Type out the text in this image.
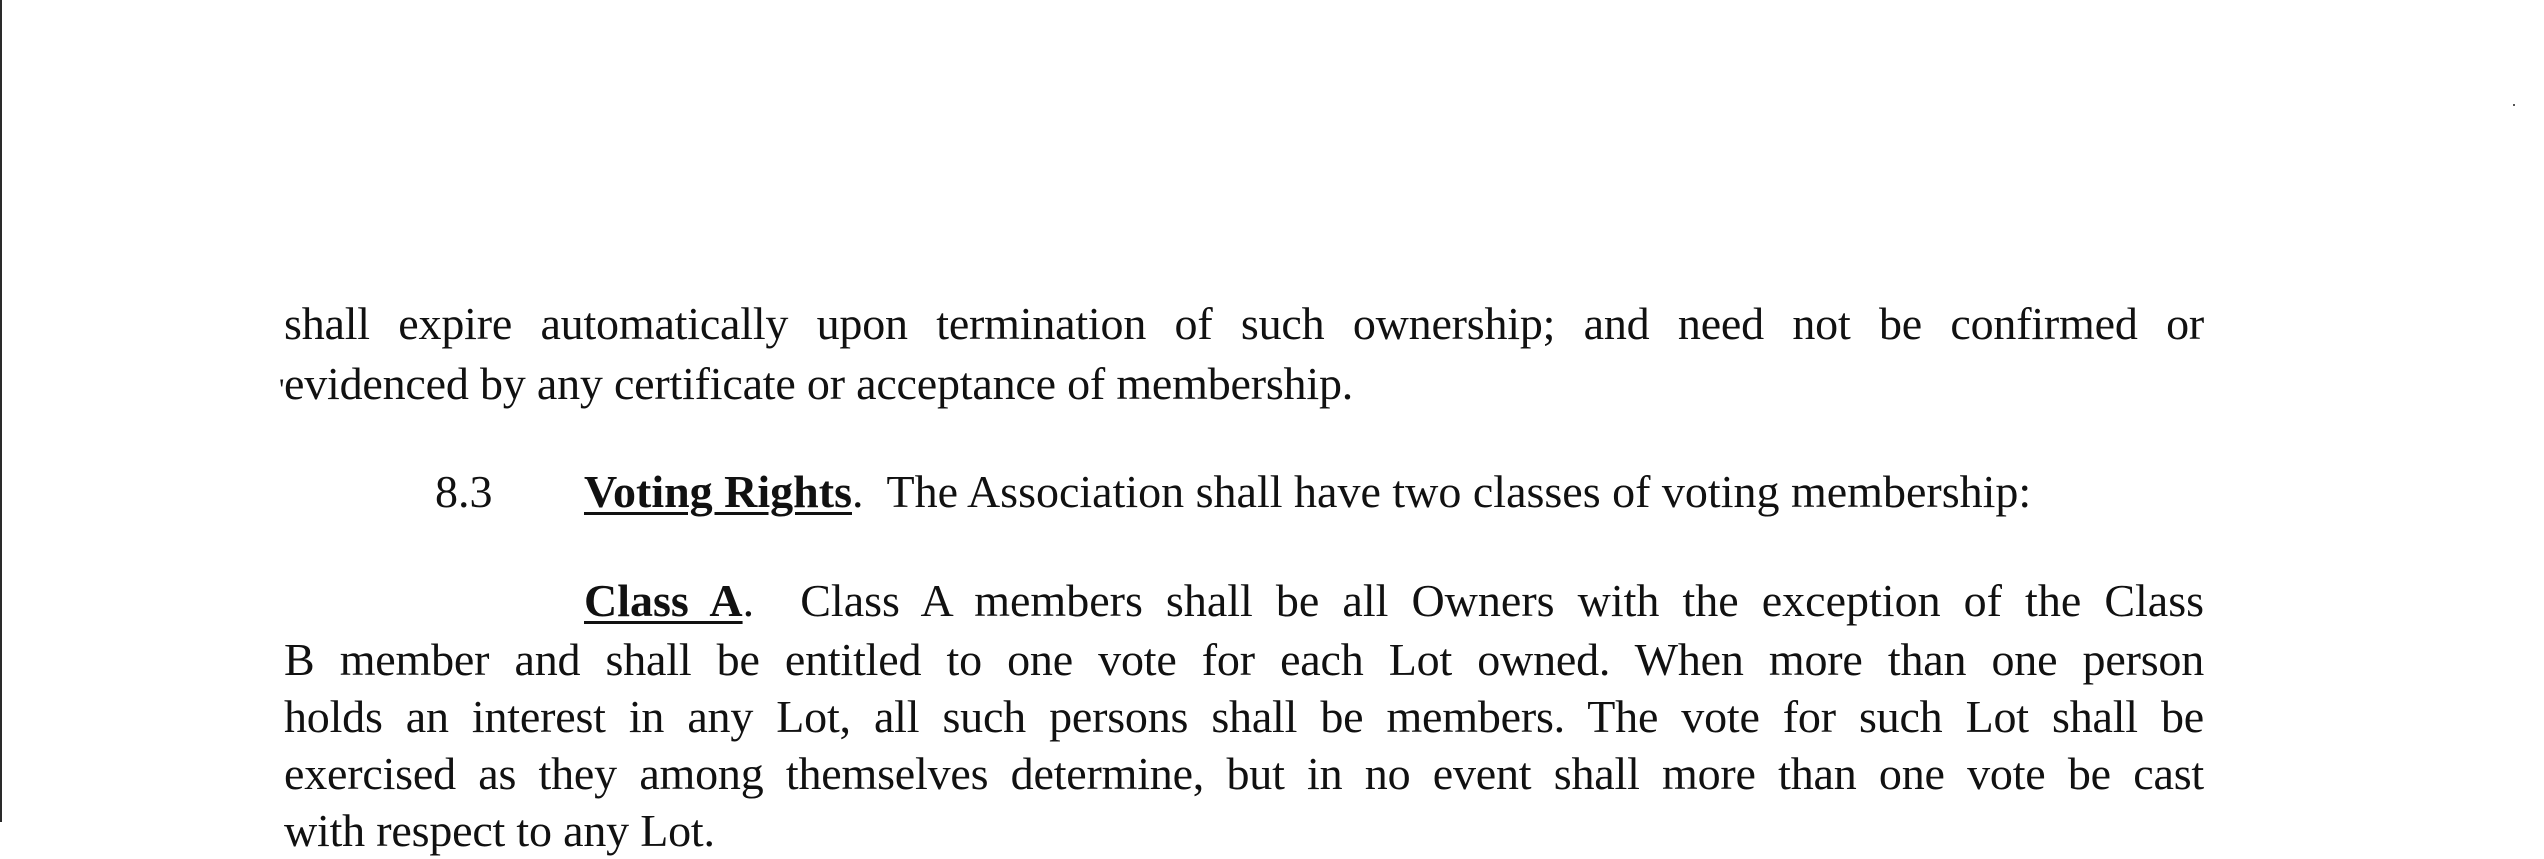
shall expire automatically upon termination of such ownership; and need not be confirmed or
'evidenced by any certificate or acceptance of membership.
8.3 Voting Rights. The Association shall have two classes of voting membership:
Class A. Class A members shall be all Owners with the exception of the Class
B member and shall be entitled to one vote for each Lot owned. When more than one person
holds an interest in any Lot, all such persons shall be members. The vote for such Lot shall be
exercised as they among themselves determine, but in no event shall more than one vote be cast
with respect to any Lot.
